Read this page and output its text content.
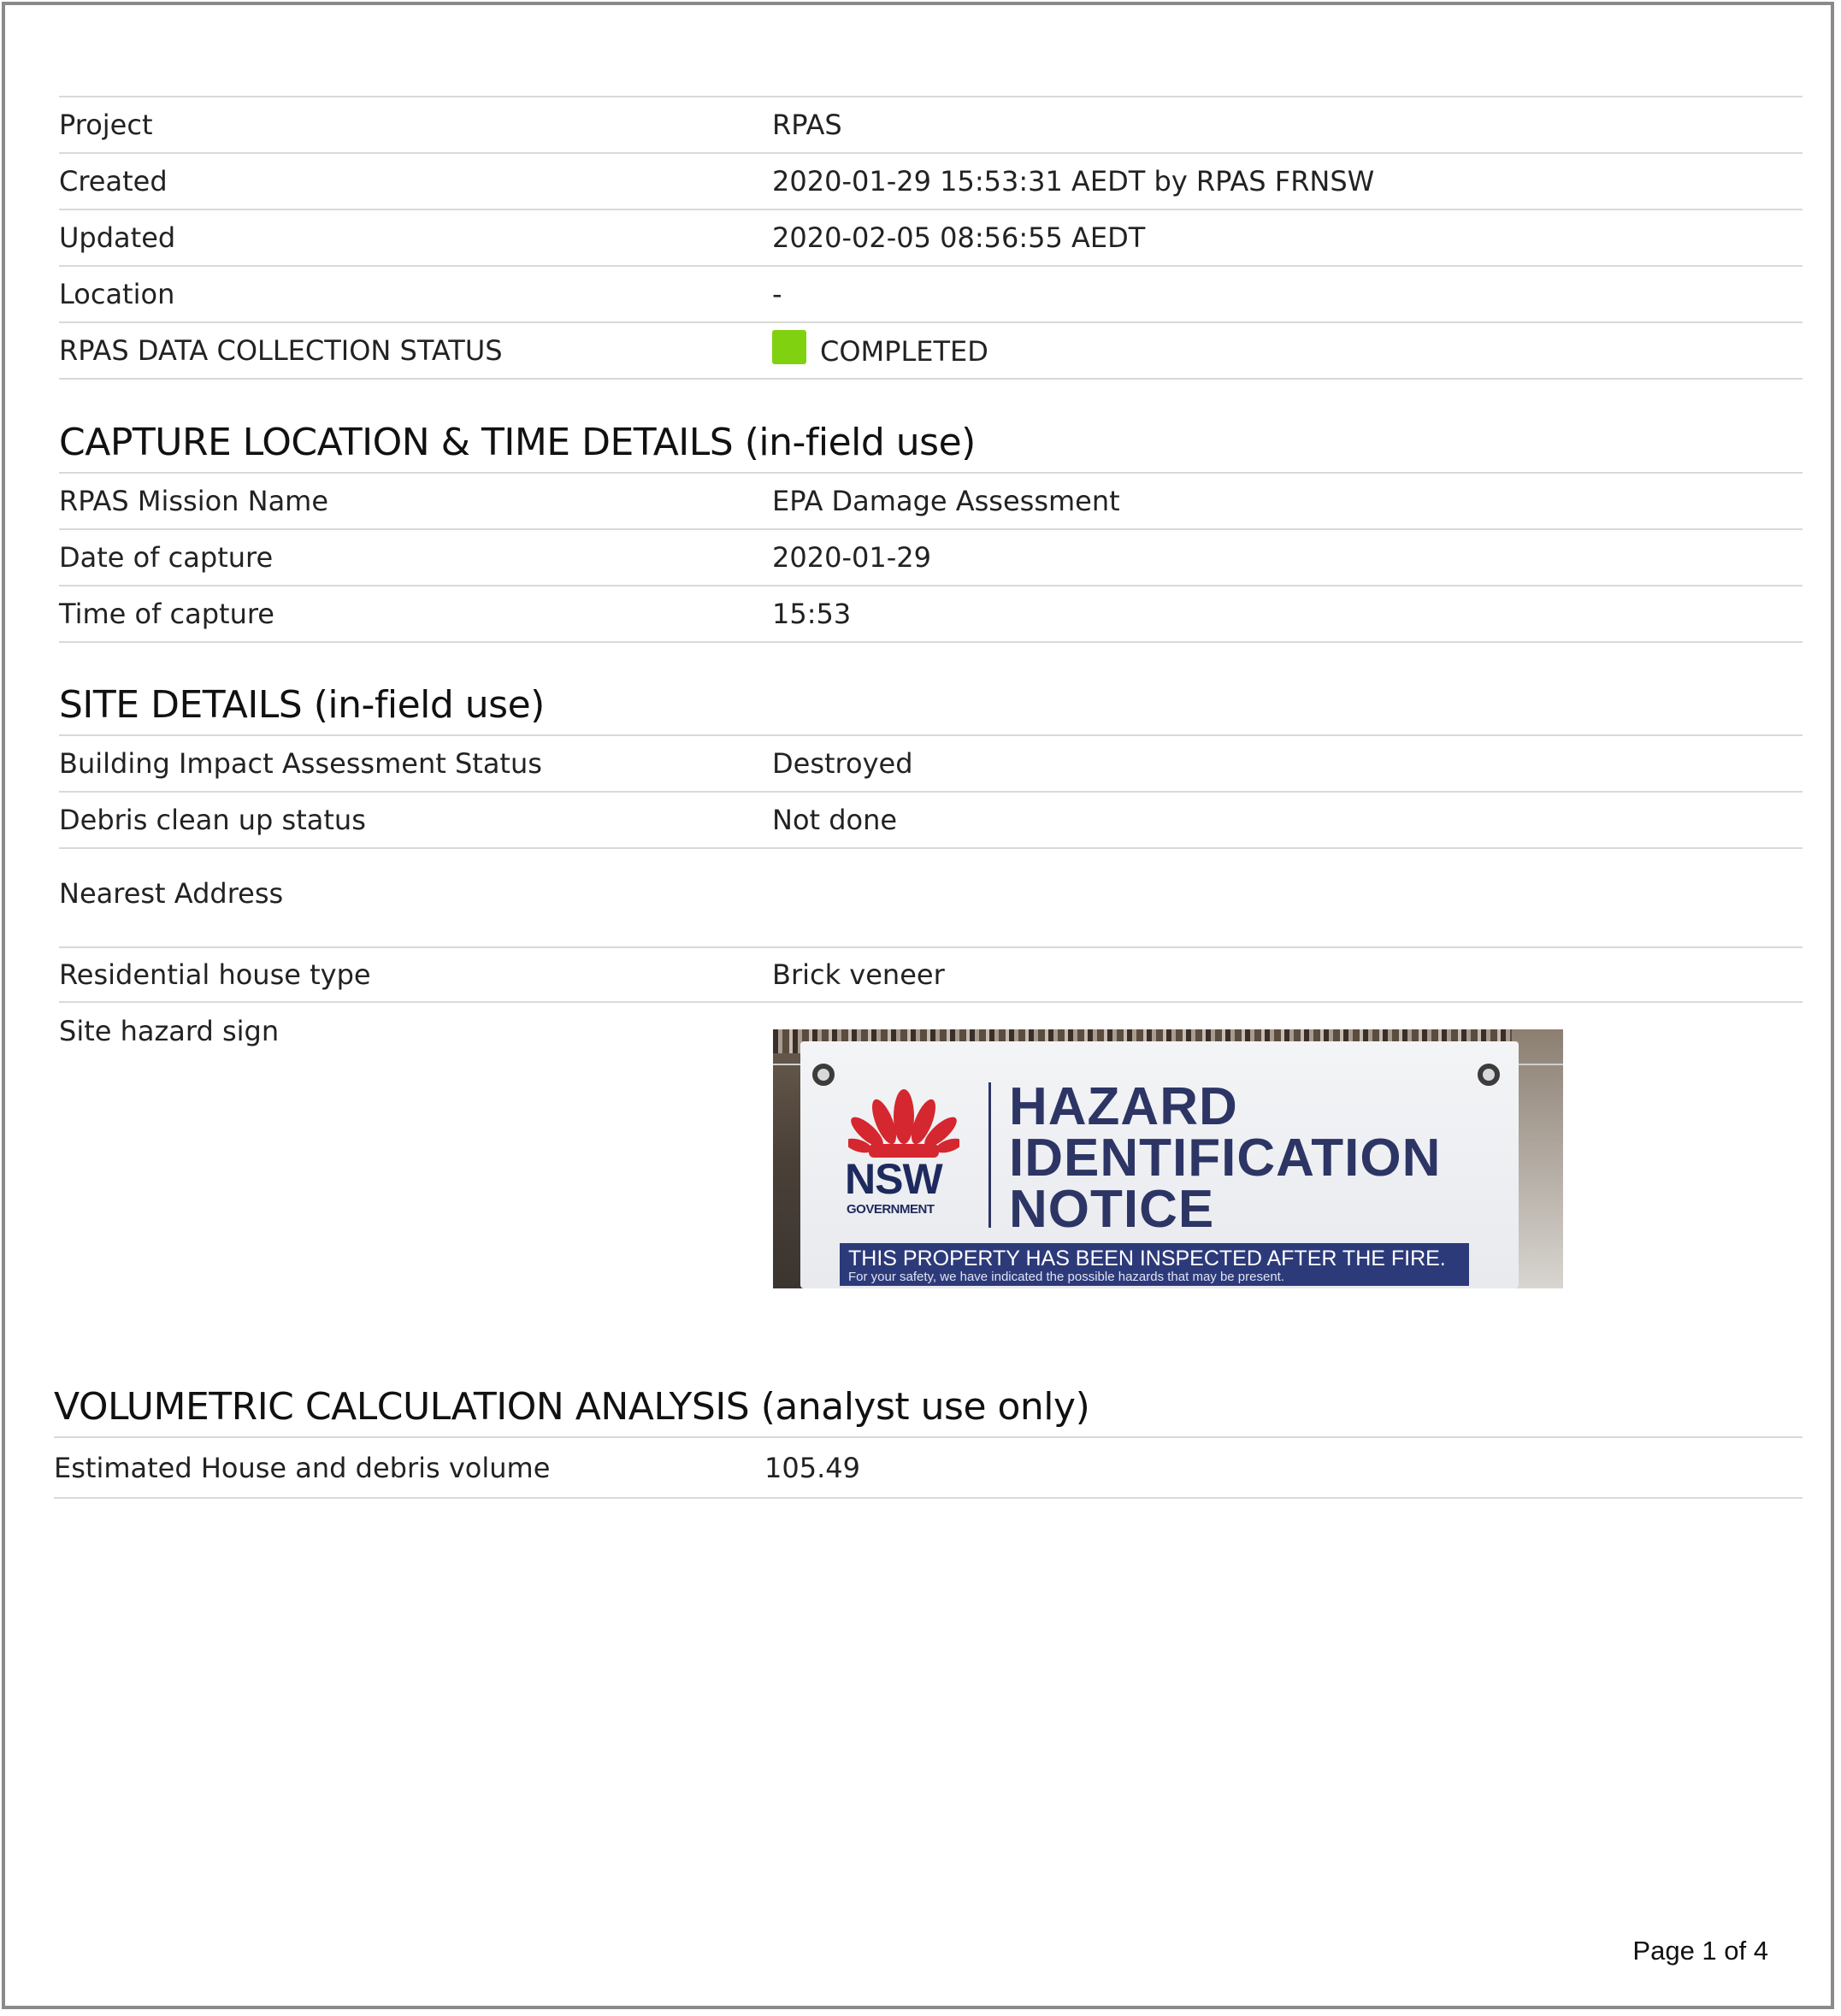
Project	RPAS
Created	2020-01-29 15:53:31 AEDT by RPAS FRNSW
Updated	2020-02-05 08:56:55 AEDT
Location	-
RPAS DATA COLLECTION STATUS	COMPLETED
CAPTURE LOCATION & TIME DETAILS (in-field use)
RPAS Mission Name	EPA Damage Assessment
Date of capture	2020-01-29
Time of capture	15:53
SITE DETAILS (in-field use)
Building Impact Assessment Status	Destroyed
Debris clean up status	Not done
Nearest Address
Residential house type	Brick veneer
Site hazard sign
NSW
GOVERNMENT
HAZARD
IDENTIFICATION
NOTICE
THIS PROPERTY HAS BEEN INSPECTED AFTER THE FIRE.
For your safety, we have indicated the possible hazards that may be present.
VOLUMETRIC CALCULATION ANALYSIS (analyst use only)
Estimated House and debris volume	105.49
Page 1 of 4
